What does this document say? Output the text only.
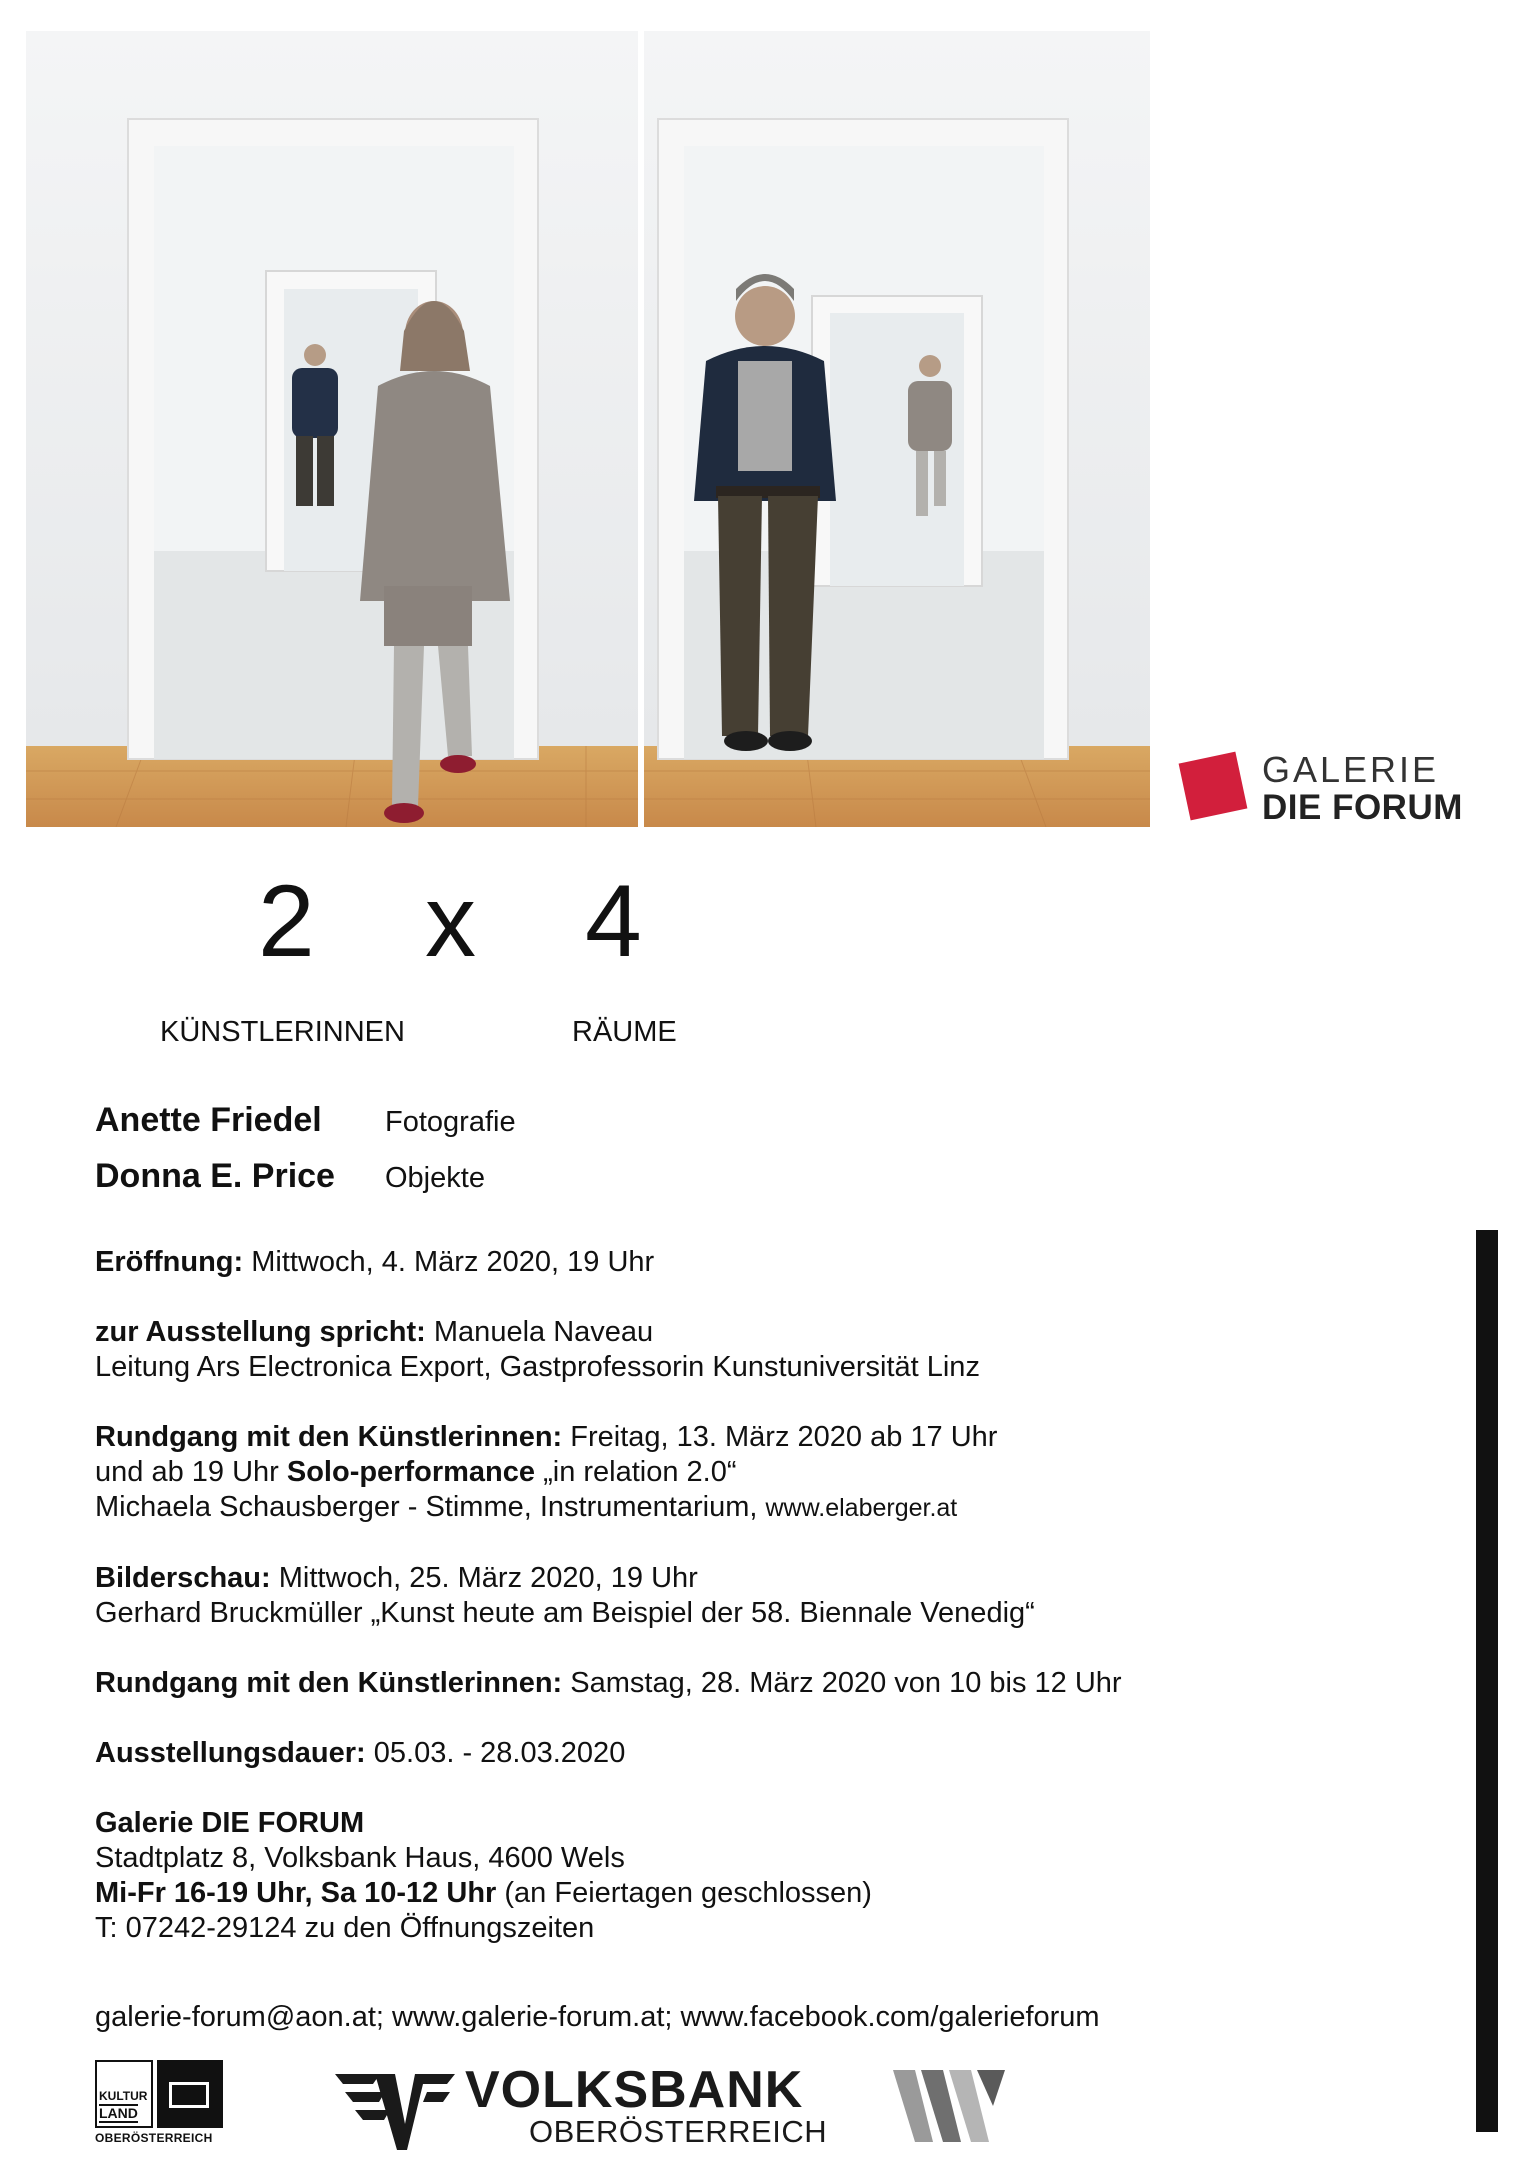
GALERIE
DIE FORUM
2 x 4
KÜNSTLERINNEN	RÄUME
Anette Friedel Fotografie
Donna E. Price Objekte

Eröffnung: Mittwoch, 4. März 2020, 19 Uhr

zur Ausstellung spricht: Manuela Naveau

Leitung Ars Electronica Export, Gastprofessorin Kunstuniversität Linz

Rundgang mit den Künstlerinnen: Freitag, 13. März 2020 ab 17 Uhr

und ab 19 Uhr Solo-performance „in relation 2.0“

Michaela Schausberger - Stimme, Instrumentarium, www.elaberger.at

Bilderschau: Mittwoch, 25. März 2020, 19 Uhr

Gerhard Bruckmüller „Kunst heute am Beispiel der 58. Biennale Venedig“

Rundgang mit den Künstlerinnen: Samstag, 28. März 2020 von 10 bis 12 Uhr

Ausstellungsdauer: 05.03. - 28.03.2020

Galerie DIE FORUM

Stadtplatz 8, Volksbank Haus, 4600 Wels

Mi-Fr 16-19 Uhr, Sa 10-12 Uhr (an Feiertagen geschlossen)

T: 07242-29124 zu den Öffnungszeiten

galerie-forum@aon.at; www.galerie-forum.at; www.facebook.com/galerieforum
KULTUR
LAND
OBERÖSTERREICH
VOLKSBANK
OBERÖSTERREICH
